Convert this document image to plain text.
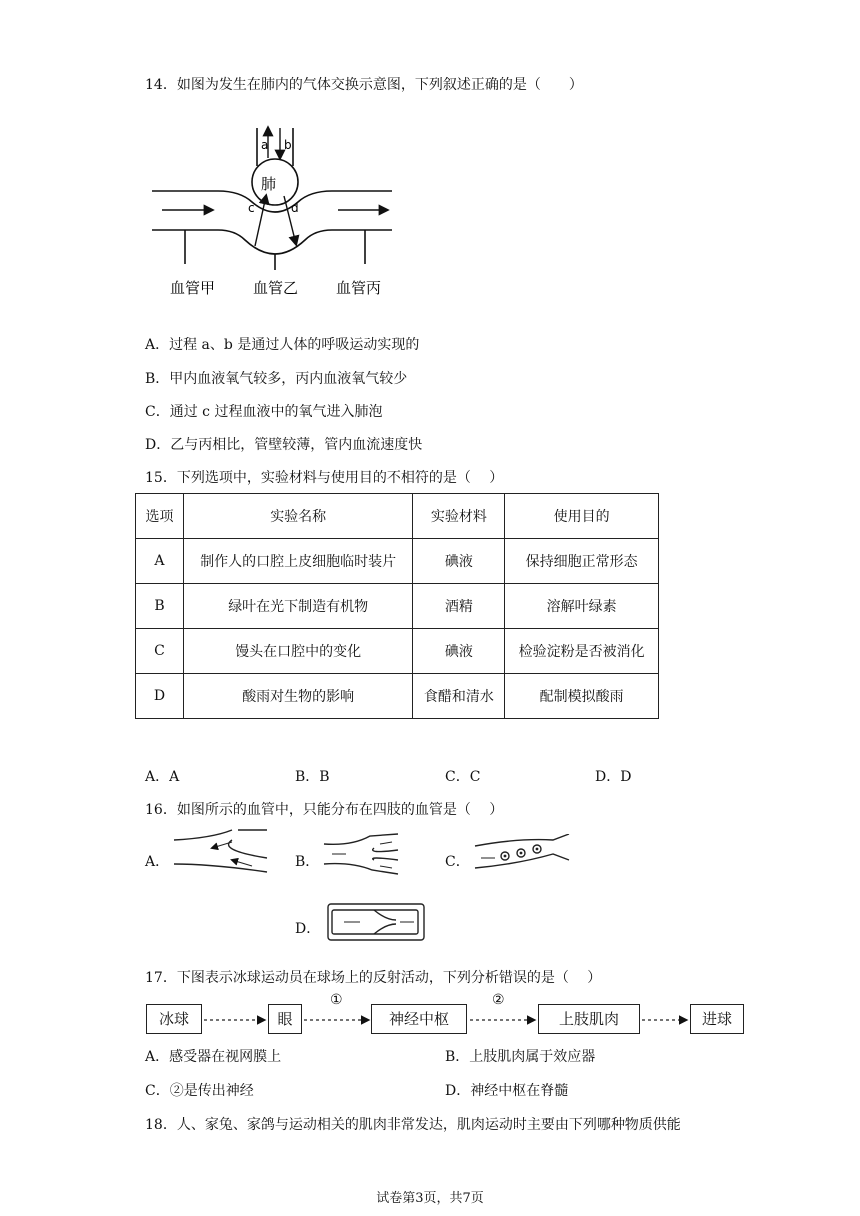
14．如图为发生在肺内的气体交换示意图，下列叙述正确的是（　　）
a b
肺
c	d
血管甲	血管乙	血管丙
A．过程 a、b 是通过人体的呼吸运动实现的
B．甲内血液氧气较多，丙内血液氧气较少
C．通过 c 过程血液中的氧气进入肺泡
D．乙与丙相比，管壁较薄，管内血流速度快
15．下列选项中，实验材料与使用目的不相符的是（　 ）
选项	实验名称	实验材料	使用目的
A	制作人的口腔上皮细胞临时装片	碘液	保持细胞正常形态
B	绿叶在光下制造有机物	酒精	溶解叶绿素
C	馒头在口腔中的变化	碘液	检验淀粉是否被消化
D	酸雨对生物的影响	食醋和清水	配制模拟酸雨
A．A	B．B	C．C	D．D
16．如图所示的血管中，只能分布在四肢的血管是（　 ）
A．	B．	C．
D．
17．下图表示冰球运动员在球场上的反射活动，下列分析错误的是（　 ）
冰球	眼	神经中枢	上肢肌肉	进球
①	②
A．感受器在视网膜上	B．上肢肌肉属于效应器
C．②是传出神经	D．神经中枢在脊髓
18．人、家兔、家鸽与运动相关的肌肉非常发达，肌肉运动时主要由下列哪种物质供能
试卷第3页，共7页
